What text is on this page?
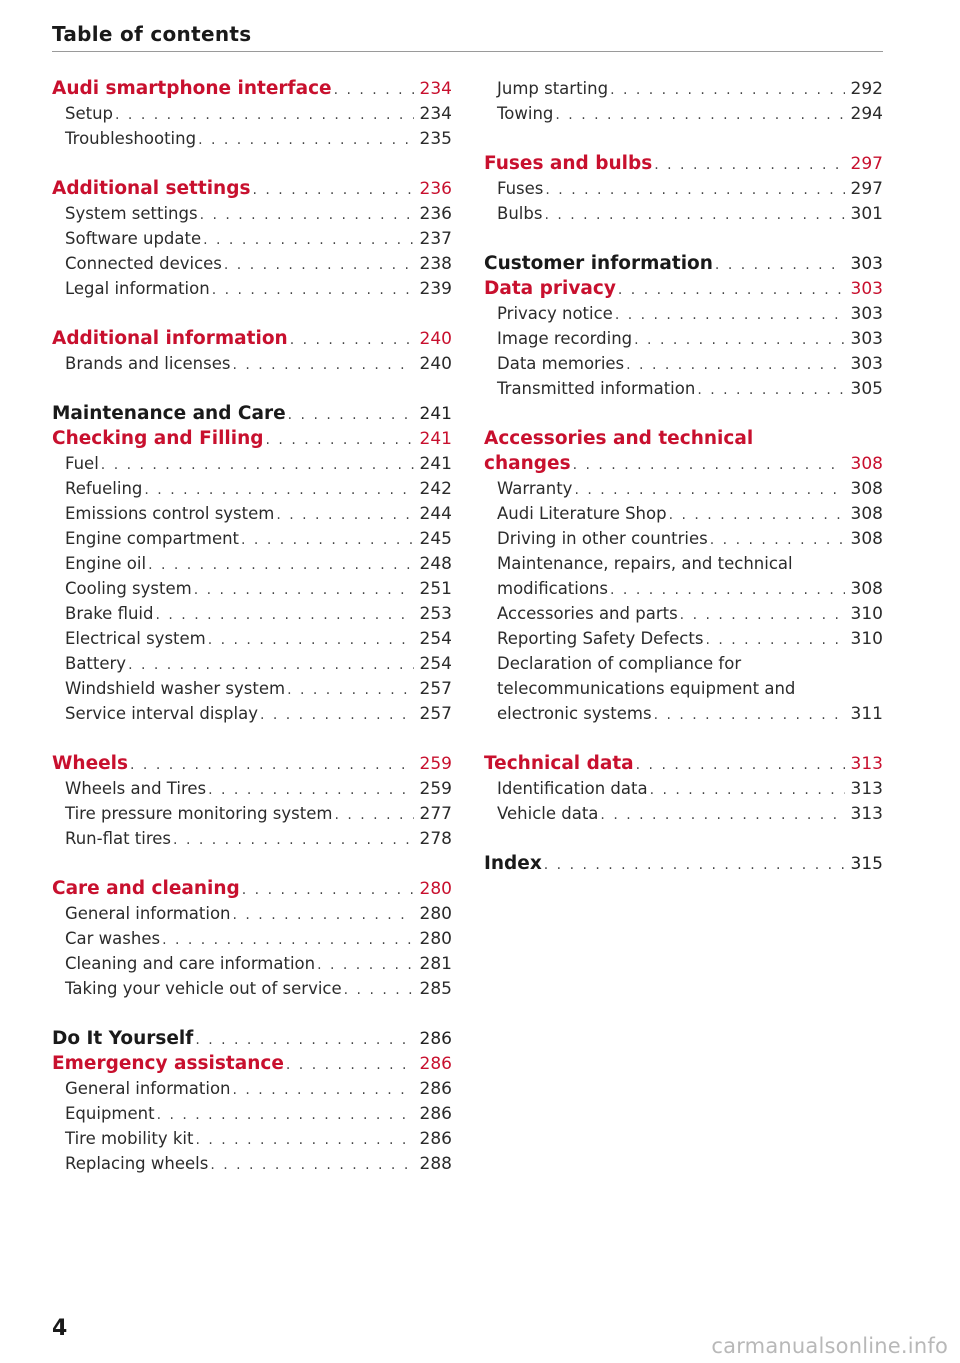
Table of contents
Audi smartphone interface . . .	234
Setup . . .	234
Troubleshooting . . .	235
Additional settings . . .	236
System settings . . .	236
Software update . . .	237
Connected devices . . .	238
Legal information . . .	239
Additional information . . .	240
Brands and licenses . . .	240
Maintenance and Care . . .	241
Checking and Filling . . .	241
Fuel . . .	241
Refueling . . .	242
Emissions control system . . .	244
Engine compartment . . .	245
Engine oil . . .	248
Cooling system . . .	251
Brake fluid . . .	253
Electrical system . . .	254
Battery . . .	254
Windshield washer system . . .	257
Service interval display . . .	257
Wheels . . .	259
Wheels and Tires . . .	259
Tire pressure monitoring system . . .	277
Run-flat tires . . .	278
Care and cleaning . . .	280
General information . . .	280
Car washes . . .	280
Cleaning and care information . . .	281
Taking your vehicle out of service . . .	285
Do It Yourself . . .	286
Emergency assistance . . .	286
General information . . .	286
Equipment . . .	286
Tire mobility kit . . .	286
Replacing wheels . . .	288
Jump starting . . .	292
Towing . . .	294
Fuses and bulbs . . .	297
Fuses . . .	297
Bulbs . . .	301
Customer information . . .	303
Data privacy . . .	303
Privacy notice . . .	303
Image recording . . .	303
Data memories . . .	303
Transmitted information . . .	305
Accessories and technical
changes . . .	308
Warranty . . .	308
Audi Literature Shop . . .	308
Driving in other countries . . .	308
Maintenance, repairs, and technical
modifications . . .	308
Accessories and parts . . .	310
Reporting Safety Defects . . .	310
Declaration of compliance for
telecommunications equipment and
electronic systems . . .	311
Technical data . . .	313
Identification data . . .	313
Vehicle data . . .	313
Index . . .	315
4
carmanualsonline.info
